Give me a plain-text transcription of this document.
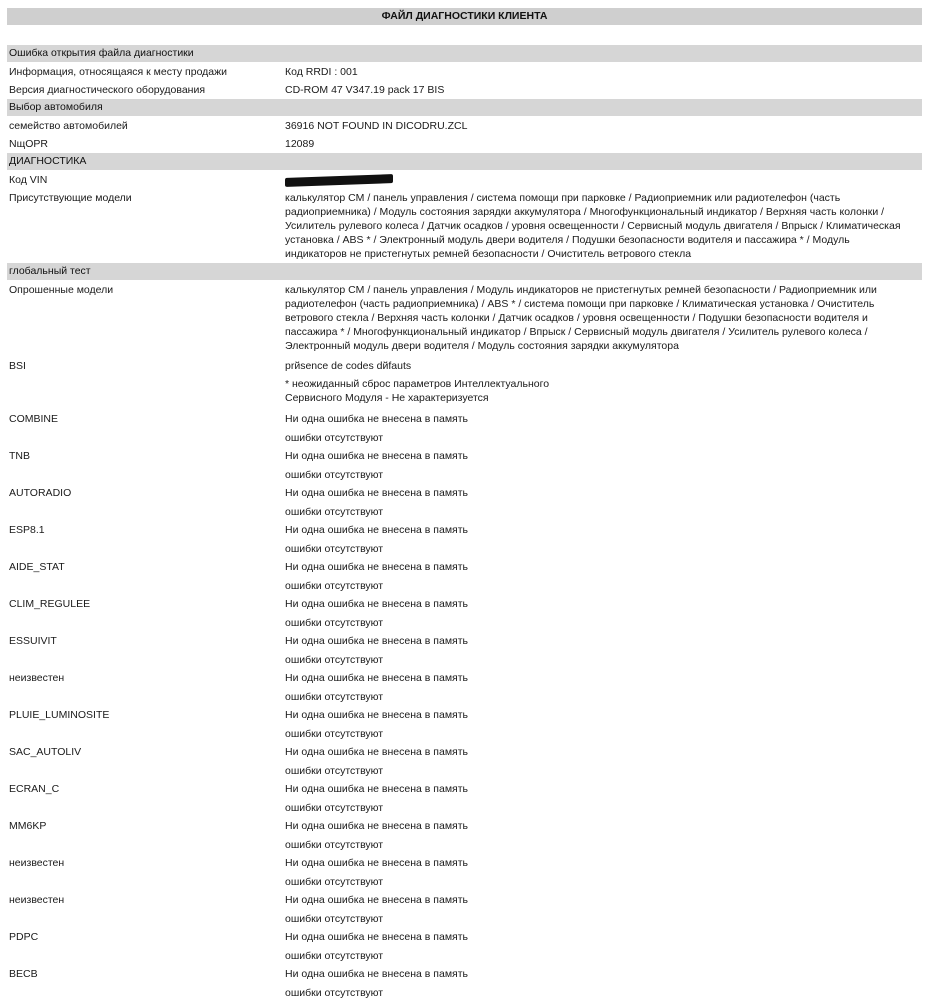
ФАЙЛ ДИАГНОСТИКИ КЛИЕНТА
Ошибка открытия файла диагностики
Информация, относящаяся к месту продажи	Код RRDI : 001
Версия диагностического оборудования	CD-ROM 47 V347.19 pack 17 BIS
Выбор автомобиля
семейство автомобилей	36916 NOT FOUND IN DICODRU.ZCL
NщOPR	12089
ДИАГНОСТИКА
Код VIN
Присутствующие модели	калькулятор CM / панель управления / система помощи при парковке / Радиоприемник или радиотелефон (часть радиоприемника) / Модуль состояния зарядки аккумулятора / Многофункциональный индикатор / Верхняя часть колонки / Усилитель рулевого колеса / Датчик осадков / уровня освещенности / Сервисный модуль двигателя / Впрыск / Климатическая установка / ABS * / Электронный модуль двери водителя / Подушки безопасности водителя и пассажира * / Модуль индикаторов не пристегнутых ремней безопасности / Очиститель ветрового стекла
глобальный тест
Опрошенные модели	калькулятор CM / панель управления / Модуль индикаторов не пристегнутых ремней безопасности / Радиоприемник или радиотелефон (часть радиоприемника) / ABS * / система помощи при парковке / Климатическая установка / Очиститель ветрового стекла / Верхняя часть колонки / Датчик осадков / уровня освещенности / Подушки безопасности водителя и пассажира * / Многофункциональный индикатор / Впрыск / Сервисный модуль двигателя / Усилитель рулевого колеса / Электронный модуль двери водителя / Модуль состояния зарядки аккумулятора
BSI	prйsence de codes dйfauts
* неожиданный сброс параметров Интеллектуального Сервисного Модуля - Не характеризуется
COMBINE	Ни одна ошибка не внесена в память
ошибки отсутствуют
TNB	Ни одна ошибка не внесена в память
ошибки отсутствуют
AUTORADIO	Ни одна ошибка не внесена в память
ошибки отсутствуют
ESP8.1	Ни одна ошибка не внесена в память
ошибки отсутствуют
AIDE_STAT	Ни одна ошибка не внесена в память
ошибки отсутствуют
CLIM_REGULEE	Ни одна ошибка не внесена в память
ошибки отсутствуют
ESSUIVIT	Ни одна ошибка не внесена в память
ошибки отсутствуют
неизвестен	Ни одна ошибка не внесена в память
ошибки отсутствуют
PLUIE_LUMINOSITE	Ни одна ошибка не внесена в память
ошибки отсутствуют
SAC_AUTOLIV	Ни одна ошибка не внесена в память
ошибки отсутствуют
ECRAN_C	Ни одна ошибка не внесена в память
ошибки отсутствуют
MM6KP	Ни одна ошибка не внесена в память
ошибки отсутствуют
неизвестен	Ни одна ошибка не внесена в память
ошибки отсутствуют
неизвестен	Ни одна ошибка не внесена в память
ошибки отсутствуют
PDPC	Ни одна ошибка не внесена в память
ошибки отсутствуют
BECB	Ни одна ошибка не внесена в память
ошибки отсутствуют
